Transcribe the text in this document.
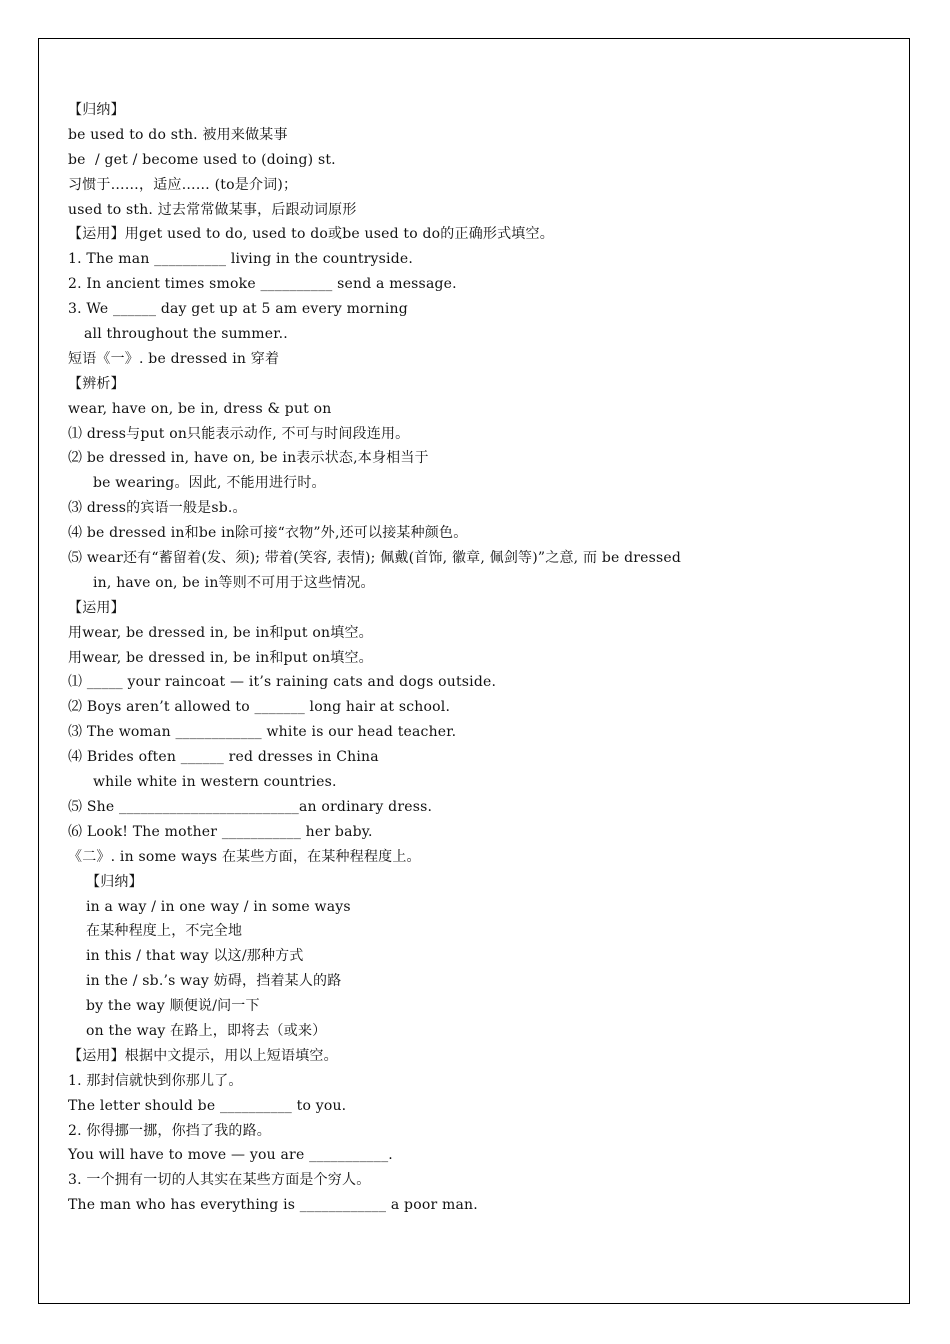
【归纳】
be used to do sth. 被用来做某事
be  / get / become used to (doing) st.
习惯于……，适应…… (to是介词)；
used to sth. 过去常常做某事，后跟动词原形
【运用】用get used to do, used to do或be used to do的正确形式填空。
1. The man __________ living in the countryside.
2. In ancient times smoke __________ send a message.
3. We ______ day get up at 5 am every morning
all throughout the summer..
短语《一》. be dressed in 穿着
【辨析】
wear, have on, be in, dress & put on
⑴ dress与put on只能表示动作, 不可与时间段连用。
⑵ be dressed in, have on, be in表示状态,本身相当于
be wearing。因此, 不能用进行时。
⑶ dress的宾语一般是sb.。
⑷ be dressed in和be in除可接“衣物”外,还可以接某种颜色。
⑸ wear还有“蓄留着(发、须); 带着(笑容, 表情); 佩戴(首饰, 徽章, 佩剑等)”之意, 而 be dressed
in, have on, be in等则不可用于这些情况。
【运用】
用wear, be dressed in, be in和put on填空。
用wear, be dressed in, be in和put on填空。
⑴ _____ your raincoat — it’s raining cats and dogs outside.
⑵ Boys aren’t allowed to _______ long hair at school.
⑶ The woman ____________ white is our head teacher.
⑷ Brides often ______ red dresses in China
while white in western countries.
⑸ She _________________________an ordinary dress.
⑹ Look! The mother ___________ her baby.
《二》. in some ways 在某些方面，在某种程程度上。
【归纳】
in a way / in one way / in some ways
在某种程度上，不完全地
in this / that way 以这/那种方式
in the / sb.’s way 妨碍，挡着某人的路
by the way 顺便说/问一下
on the way 在路上，即将去（或来）
【运用】根据中文提示，用以上短语填空。
1. 那封信就快到你那儿了。
The letter should be __________ to you.
2. 你得挪一挪，你挡了我的路。
You will have to move — you are ___________.
3. 一个拥有一切的人其实在某些方面是个穷人。
The man who has everything is ____________ a poor man.
